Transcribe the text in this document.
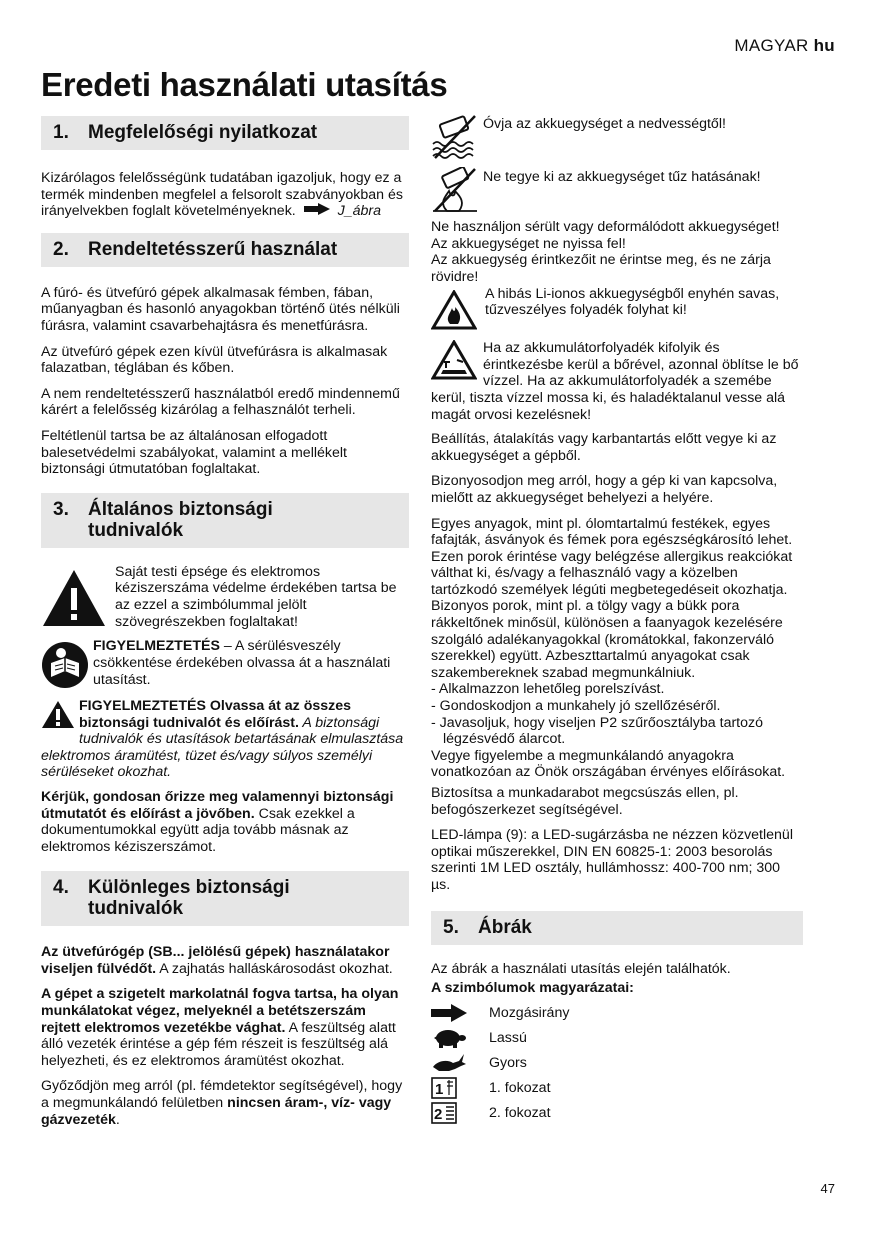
MAGYAR hu
Eredeti használati utasítás
1.	Megfelelőségi nyilatkozat

Kizárólagos felelősségünk tudatában igazoljuk, hogy ez a termék mindenben megfelel a felsorolt szabványokban és irányelvekben foglalt követelményeknek.	J_ábra

2.	Rendeltetésszerű használat

A fúró- és ütvefúró gépek alkalmasak fémben, fában, műanyagban és hasonló anyagokban történő ütés nélküli fúrásra, valamint csavarbehajtásra és menetfúrásra.

Az ütvefúró gépek ezen kívül ütvefúrásra is alkalmasak falazatban, téglában és kőben.

A nem rendeltetésszerű használatból eredő mindennemű kárért a felelősség kizárólag a felhasználót terheli.

Feltétlenül tartsa be az általánosan elfogadott balesetvédelmi szabályokat, valamint a mellékelt biztonsági útmutatóban foglaltakat.

3.	Általános biztonsági tudnivalók
Saját testi épsége és elektromos kéziszerszáma védelme érdekében tartsa be az ezzel a szimbólummal jelölt szövegrészekben foglaltakat!
FIGYELMEZTETÉS – A sérülésveszély csökkentése érdekében olvassa át a használati utasítást.
FIGYELMEZTETÉS Olvassa át az összes biztonsági tudnivalót és előírást. A biztonsági tudnivalók és utasítások betartásának elmulasztása elektromos áramütést, tüzet és/vagy súlyos személyi sérüléseket okozhat.

Kérjük, gondosan őrizze meg valamennyi biztonsági útmutatót és előírást a jövőben. Csak ezekkel a dokumentumokkal együtt adja tovább másnak az elektromos kéziszerszámot.

4.	Különleges biztonsági tudnivalók

Az ütvefúrógép (SB... jelölésű gépek) használatakor viseljen fülvédőt. A zajhatás halláskárosodást okozhat.

A gépet a szigetelt markolatnál fogva tartsa, ha olyan munkálatokat végez, melyeknél a betétszerszám rejtett elektromos vezetékbe vághat. A feszültség alatt álló vezeték érintése a gép fém részeit is feszültség alá helyezheti, és ez elektromos áramütést okozhat.

Győződjön meg arról (pl. fémdetektor segítségével), hogy a megmunkálandó felületben nincsen áram-, víz- vagy gázvezeték.

Óvja az akkuegységet a nedvességtől!
Ne tegye ki az akkuegységet tűz hatásának!
Ne használjon sérült vagy deformálódott akkuegységet!
Az akkuegységet ne nyissa fel!
Az akkuegység érintkezőit ne érintse meg, és ne zárja rövidre!
A hibás Li-ionos akkuegységből enyhén savas, tűzveszélyes folyadék folyhat ki!
Ha az akkumulátorfolyadék kifolyik és érintkezésbe kerül a bőrével, azonnal öblítse le bő vízzel. Ha az akkumulátorfolyadék a szemébe kerül, tiszta vízzel mossa ki, és haladéktalanul vesse alá magát orvosi kezelésnek!

Beállítás, átalakítás vagy karbantartás előtt vegye ki az akkuegységet a gépből.

Bizonyosodjon meg arról, hogy a gép ki van kapcsolva, mielőtt az akkuegységet behelyezi a helyére.

Egyes anyagok, mint pl. ólomtartalmú festékek, egyes fafajták, ásványok és fémek pora egészségkárosító lehet. Ezen porok érintése vagy belégzése allergikus reakciókat válthat ki, és/vagy a felhasználó vagy a közelben tartózkodó személyek légúti megbetegedéseit okozhatja.
Bizonyos porok, mint pl. a tölgy vagy a bükk pora rákkeltőnek minősül, különösen a faanyagok kezelésére szolgáló adalékanyagokkal (kromátokkal, fakonzerváló szerekkel) együtt. Azbeszttartalmú anyagokat csak szakembereknek szabad megmunkálniuk.
- Alkalmazzon lehetőleg porelszívást.
- Gondoskodjon a munkahely jó szellőzéséről.
- Javasoljuk, hogy viseljen P2 szűrőosztályba tartozó légzésvédő álarcot.
Vegye figyelembe a megmunkálandó anyagokra vonatkozóan az Önök országában érvényes előírásokat.

Biztosítsa a munkadarabot megcsúszás ellen, pl. befogószerkezet segítségével.

LED-lámpa (9): a LED-sugárzásba ne nézzen közvetlenül optikai műszerekkel, DIN EN 60825-1: 2003 besorolás szerinti 1M LED osztály, hullámhossz: 400-700 nm; 300 µs.

5.	Ábrák

Az ábrák a használati utasítás elején találhatók.

A szimbólumok magyarázatai:
Mozgásirány
Lassú
Gyors
1	1. fokozat
2	2. fokozat
47
